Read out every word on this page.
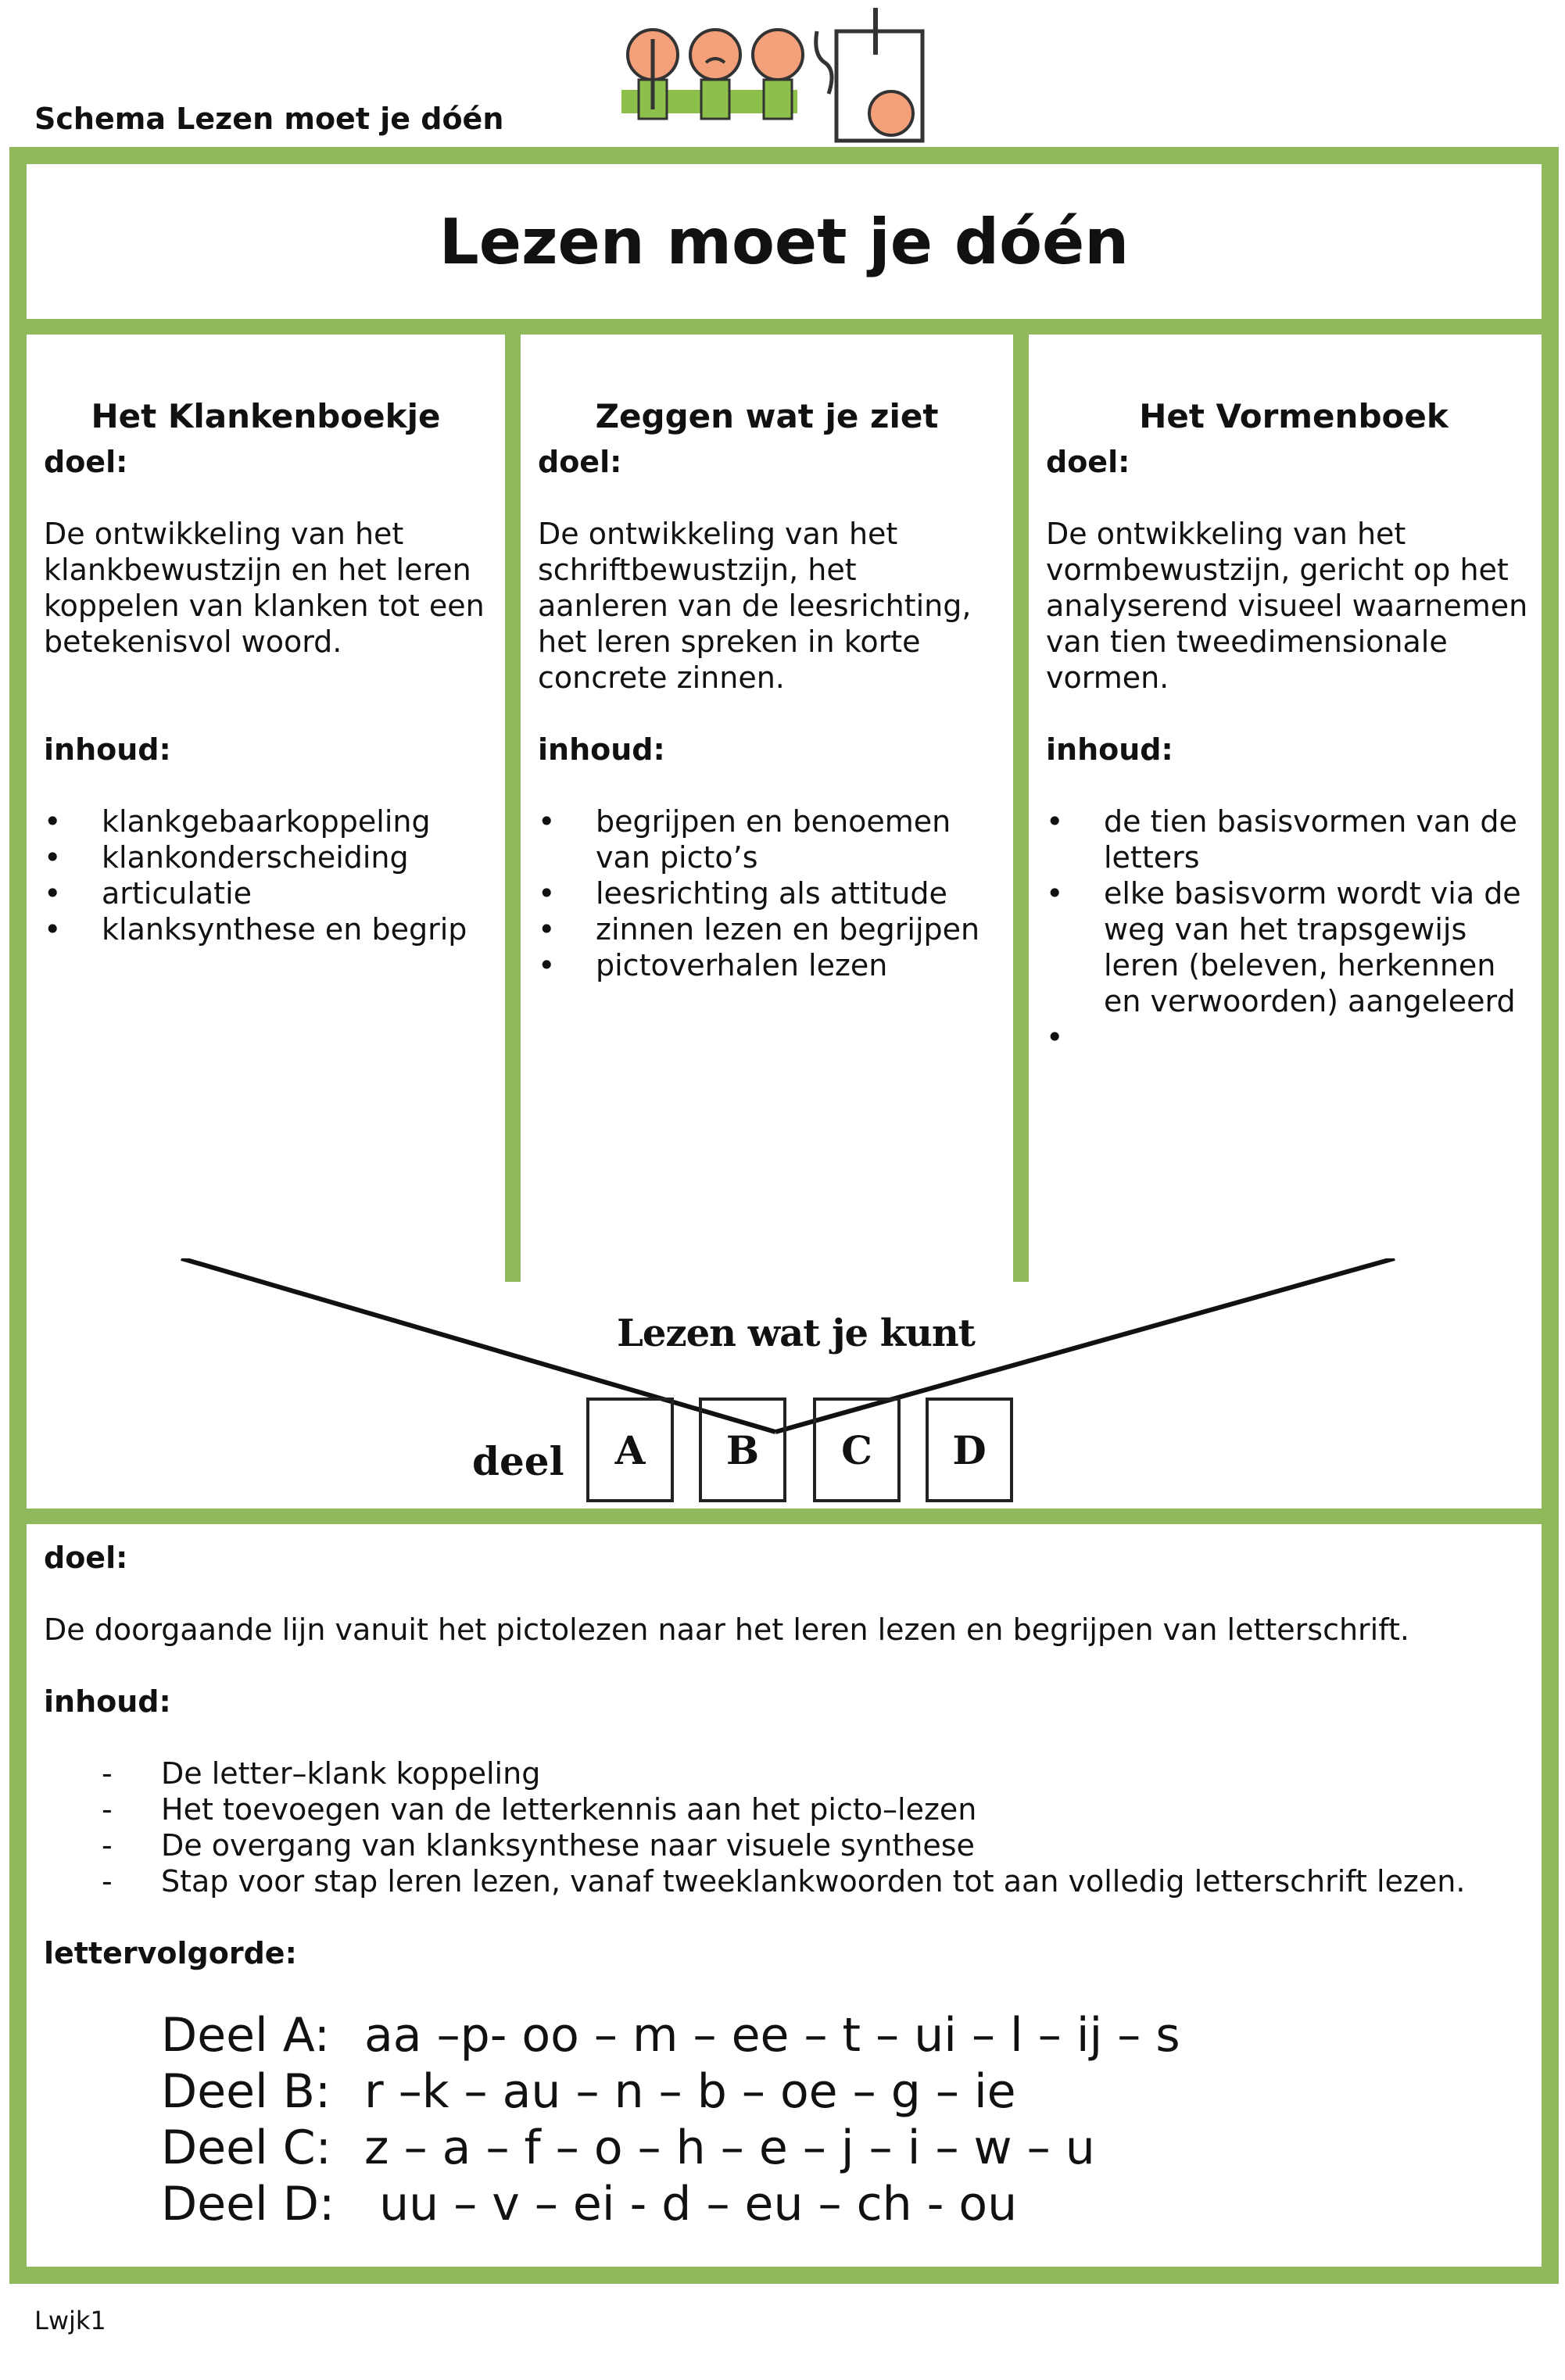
Schema Lezen moet je dóén
Lezen moet je dóén
Het Klankenboekje

doel:

De ontwikkeling van het klankbewustzijn en het leren koppelen van klanken tot een betekenisvol woord.

inhoud:

• klankgebaarkoppeling
• klankonderscheiding
• articulatie
• klanksynthese en begrip
Zeggen wat je ziet

doel:

De ontwikkeling van het schriftbewustzijn, het aanleren van de leesrichting, het leren spreken in korte concrete zinnen.

inhoud:

• begrijpen en benoemen van picto’s
• leesrichting als attitude
• zinnen lezen en begrijpen
• pictoverhalen lezen
Het Vormenboek

doel:

De ontwikkeling van het vormbewustzijn, gericht op het analyserend visueel waarnemen van tien tweedimensionale vormen.

inhoud:

• de tien basisvormen van de letters
• elke basisvorm wordt via de weg van het trapsgewijs leren (beleven, herkennen en verwoorden) aangeleerd
•
Lezen wat je kunt
deel	A	B	C	D

doel:

De doorgaande lijn vanuit het pictolezen naar het leren lezen en begrijpen van letterschrift.

inhoud:

- De letter–klank koppeling
- Het toevoegen van de letterkennis aan het picto–lezen
- De overgang van klanksynthese naar visuele synthese
- Stap voor stap leren lezen, vanaf tweeklankwoorden tot aan volledig letterschrift lezen.

lettervolgorde:

Deel A: aa –p- oo – m – ee – t – ui – l – ij – s
Deel B: r –k – au – n – b – oe – g – ie
Deel C: z – a – f – o – h – e – j – i – w – u
Deel D: uu – v – ei - d – eu – ch - ou
Lwjk1
